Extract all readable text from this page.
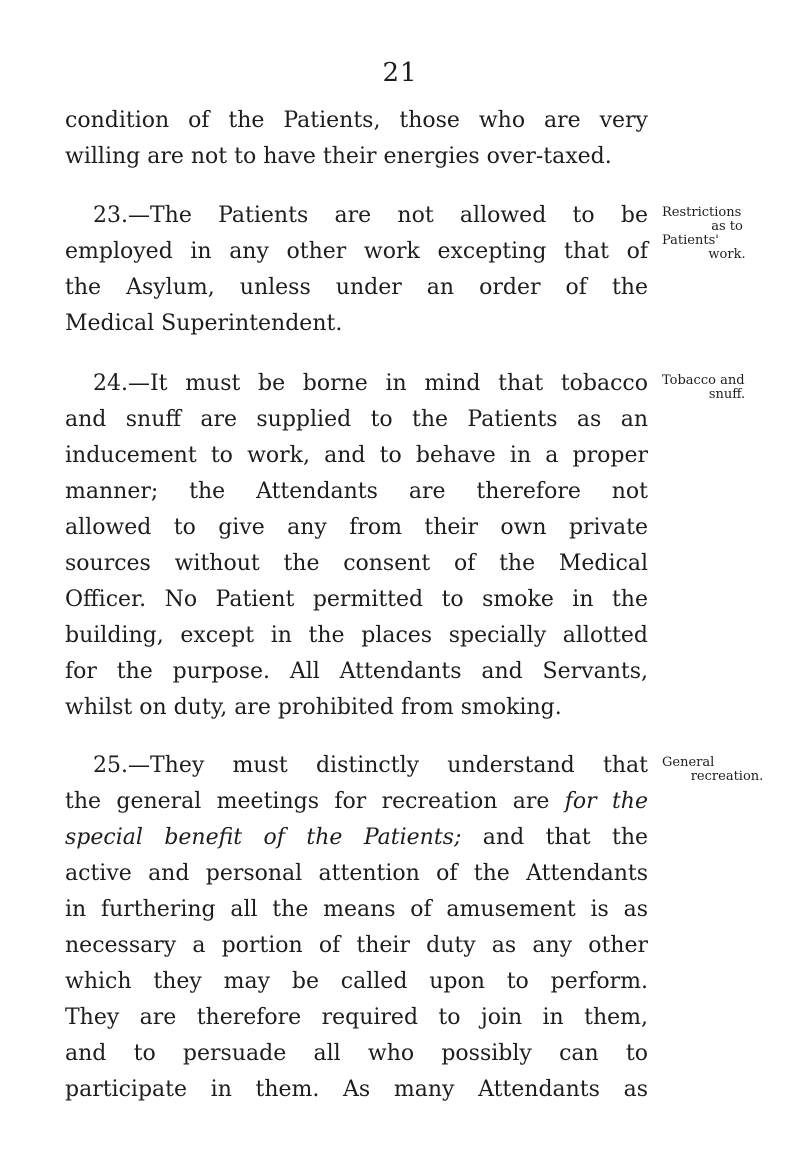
21
condition of the Patients, those who are very
willing are not to have their energies over-taxed.
23.—The Patients are not allowed to be
employed in any other work excepting that of
the Asylum, unless under an order of the
Medical Superintendent.
24.—It must be borne in mind that tobacco
and snuff are supplied to the Patients as an
inducement to work, and to behave in a proper
manner; the Attendants are therefore not
allowed to give any from their own private
sources without the consent of the Medical
Officer. No Patient permitted to smoke in the
building, except in the places specially allotted
for the purpose. All Attendants and Servants,
whilst on duty, are prohibited from smoking.
25.—They must distinctly understand that
the general meetings for recreation are for the
special benefit of the Patients; and that the
active and personal attention of the Attendants
in furthering all the means of amusement is as
necessary a portion of their duty as any other
which they may be called upon to perform.
They are therefore required to join in them,
and to persuade all who possibly can to
participate in them. As many Attendants as
Restrictions
as to
Patients'
work.
Tobacco and
snuff.
General
recreation.
